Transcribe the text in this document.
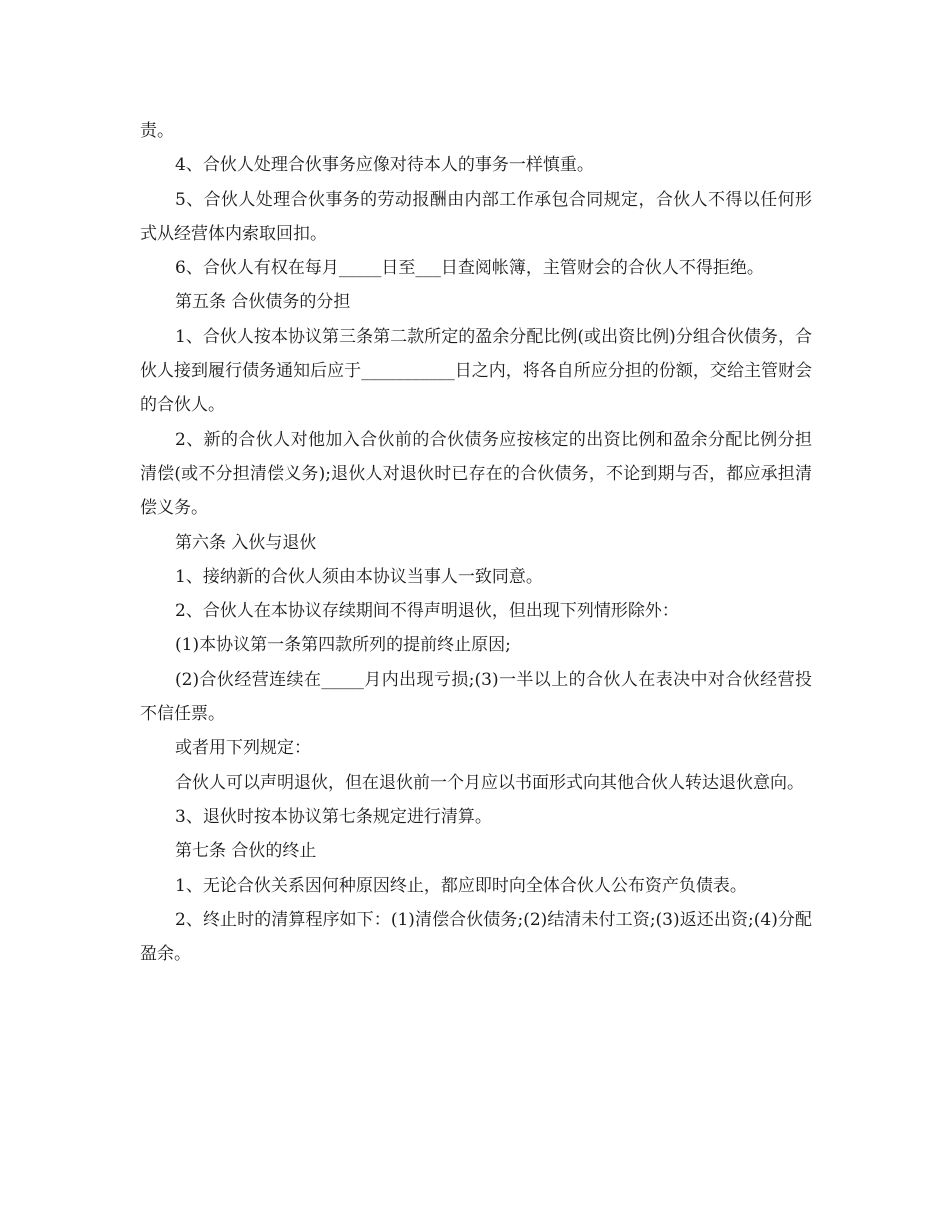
责。

4、合伙人处理合伙事务应像对待本人的事务一样慎重。

5、合伙人处理合伙事务的劳动报酬由内部工作承包合同规定，合伙人不得以任何形式从经营体内索取回扣。

6、合伙人有权在每月_____日至___日查阅帐簿，主管财会的合伙人不得拒绝。

第五条 合伙债务的分担

1、合伙人按本协议第三条第二款所定的盈余分配比例(或出资比例)分组合伙债务，合伙人接到履行债务通知后应于___________日之内，将各自所应分担的份额，交给主管财会的合伙人。

2、新的合伙人对他加入合伙前的合伙债务应按核定的出资比例和盈余分配比例分担清偿(或不分担清偿义务);退伙人对退伙时已存在的合伙债务，不论到期与否，都应承担清偿义务。

第六条 入伙与退伙

1、接纳新的合伙人须由本协议当事人一致同意。

2、合伙人在本协议存续期间不得声明退伙，但出现下列情形除外：

(1)本协议第一条第四款所列的提前终止原因;

(2)合伙经营连续在_____月内出现亏损;(3)一半以上的合伙人在表决中对合伙经营投不信任票。

或者用下列规定：

合伙人可以声明退伙，但在退伙前一个月应以书面形式向其他合伙人转达退伙意向。

3、退伙时按本协议第七条规定进行清算。

第七条 合伙的终止

1、无论合伙关系因何种原因终止，都应即时向全体合伙人公布资产负债表。

2、终止时的清算程序如下：(1)清偿合伙债务;(2)结清未付工资;(3)返还出资;(4)分配盈余。
